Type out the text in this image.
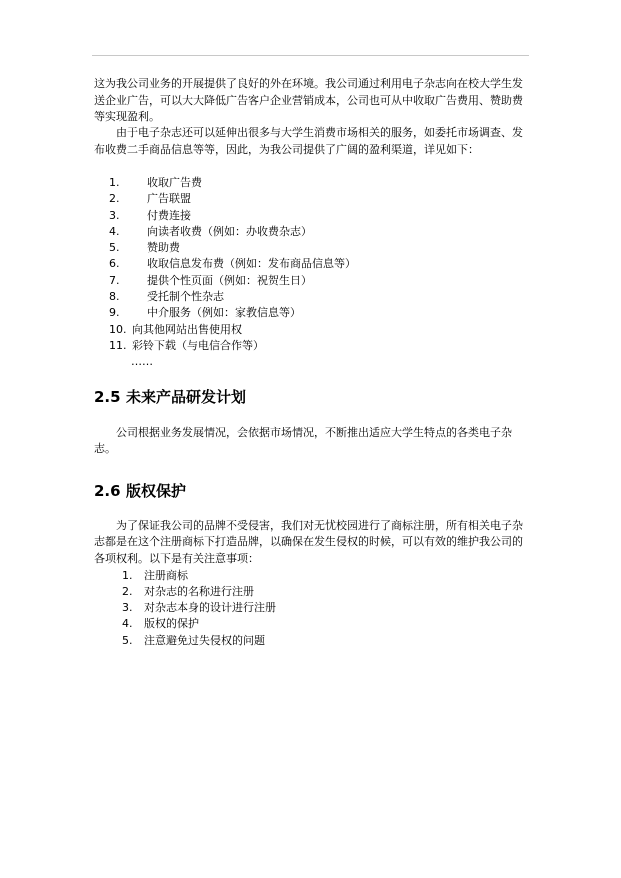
这为我公司业务的开展提供了良好的外在环境。我公司通过利用电子杂志向在校大学生发送企业广告，可以大大降低广告客户企业营销成本，公司也可从中收取广告费用、赞助费等实现盈利。

由于电子杂志还可以延伸出很多与大学生消费市场相关的服务，如委托市场调查、发布收费二手商品信息等等，因此，为我公司提供了广阔的盈利渠道，详见如下：

1.	收取广告费
2.	广告联盟
3.	付费连接
4.	向读者收费（例如：办收费杂志）
5.	赞助费
6.	收取信息发布费（例如：发布商品信息等）
7.	提供个性页面（例如：祝贺生日）
8.	受托制个性杂志
9.	中介服务（例如：家教信息等）
10. 向其他网站出售使用权
11. 彩铃下载（与电信合作等）
……
2.5 未来产品研发计划

公司根据业务发展情况，会依据市场情况，不断推出适应大学生特点的各类电子杂志。

2.6 版权保护

为了保证我公司的品牌不受侵害，我们对无忧校园进行了商标注册，所有相关电子杂志都是在这个注册商标下打造品牌，以确保在发生侵权的时候，可以有效的维护我公司的各项权利。以下是有关注意事项：

1. 注册商标
2. 对杂志的名称进行注册
3. 对杂志本身的设计进行注册
4. 版权的保护
5. 注意避免过失侵权的问题
